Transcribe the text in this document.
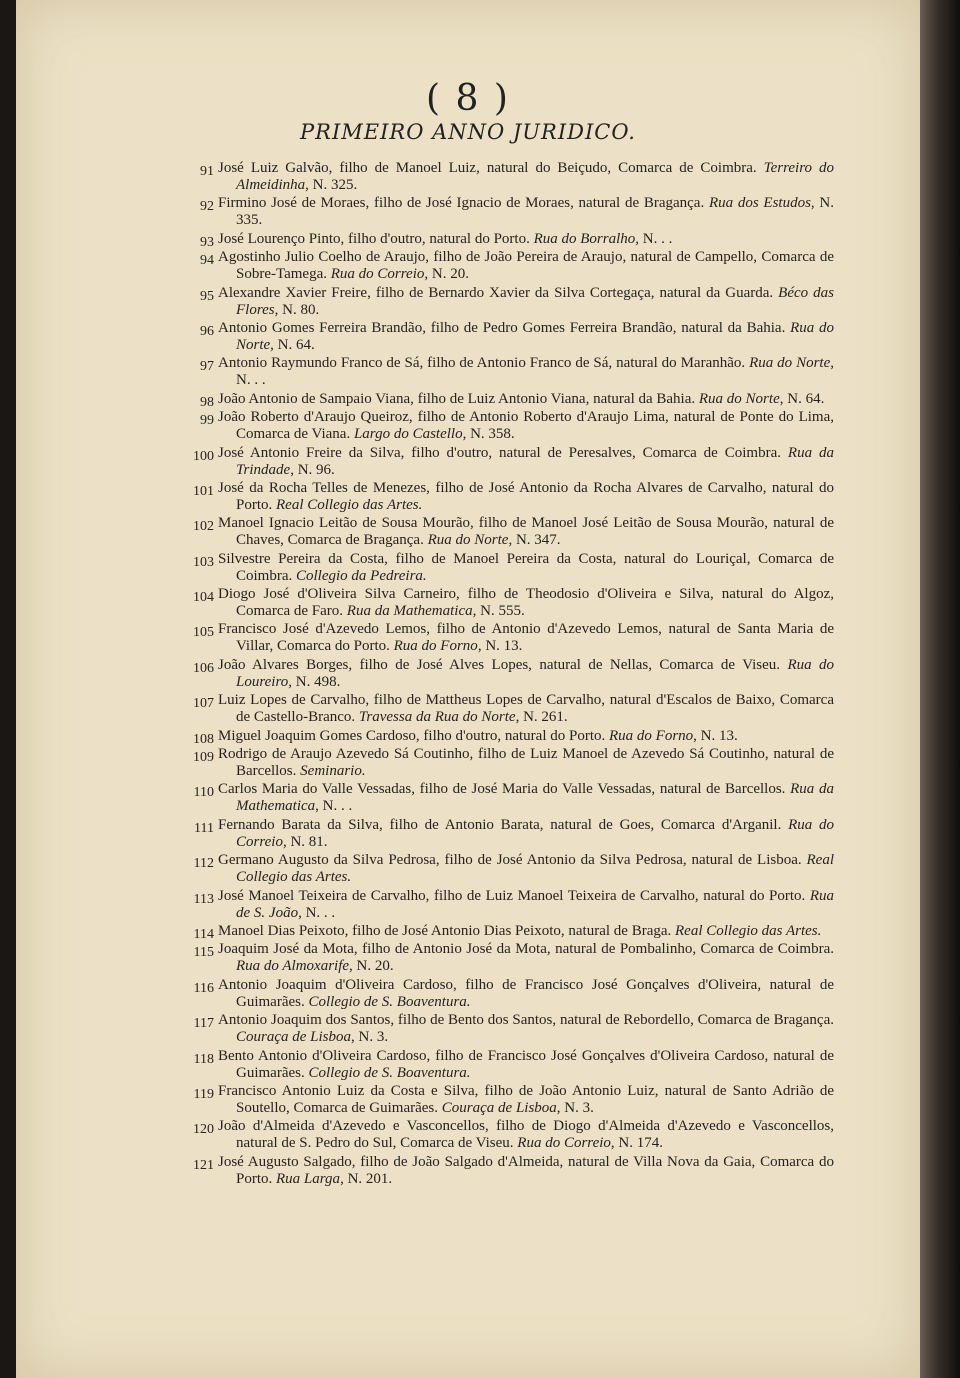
( 8 )
PRIMEIRO ANNO JURIDICO.
91 José Luiz Galvão, filho de Manoel Luiz, natural do Beiçudo, Comarca de Coimbra. Terreiro do Almeidinha, N. 325.
92 Firmino José de Moraes, filho de José Ignacio de Moraes, natural de Bragança. Rua dos Estudos, N. 335.
93 José Lourenço Pinto, filho d'outro, natural do Porto. Rua do Borralho, N. . .
94 Agostinho Julio Coelho de Araujo, filho de João Pereira de Araujo, natural de Campello, Comarca de Sobre-Tamega. Rua do Correio, N. 20.
95 Alexandre Xavier Freire, filho de Bernardo Xavier da Silva Cortegaça, natural da Guarda. Béco das Flores, N. 80.
96 Antonio Gomes Ferreira Brandão, filho de Pedro Gomes Ferreira Brandão, natural da Bahia. Rua do Norte, N. 64.
97 Antonio Raymundo Franco de Sá, filho de Antonio Franco de Sá, natural do Maranhão. Rua do Norte, N. . .
98 João Antonio de Sampaio Viana, filho de Luiz Antonio Viana, natural da Bahia. Rua do Norte, N. 64.
99 João Roberto d'Araujo Queiroz, filho de Antonio Roberto d'Araujo Lima, natural de Ponte do Lima, Comarca de Viana. Largo do Castello, N. 358.
100 José Antonio Freire da Silva, filho d'outro, natural de Peresalves, Comarca de Coimbra. Rua da Trindade, N. 96.
101 José da Rocha Telles de Menezes, filho de José Antonio da Rocha Alvares de Carvalho, natural do Porto. Real Collegio das Artes.
102 Manoel Ignacio Leitão de Sousa Mourão, filho de Manoel José Leitão de Sousa Mourão, natural de Chaves, Comarca de Bragança. Rua do Norte, N. 347.
103 Silvestre Pereira da Costa, filho de Manoel Pereira da Costa, natural do Louriçal, Comarca de Coimbra. Collegio da Pedreira.
104 Diogo José d'Oliveira Silva Carneiro, filho de Theodosio d'Oliveira e Silva, natural do Algoz, Comarca de Faro. Rua da Mathematica, N. 555.
105 Francisco José d'Azevedo Lemos, filho de Antonio d'Azevedo Lemos, natural de Santa Maria de Villar, Comarca do Porto. Rua do Forno, N. 13.
106 João Alvares Borges, filho de José Alves Lopes, natural de Nellas, Comarca de Viseu. Rua do Loureiro, N. 498.
107 Luiz Lopes de Carvalho, filho de Mattheus Lopes de Carvalho, natural d'Escalos de Baixo, Comarca de Castello-Branco. Travessa da Rua do Norte, N. 261.
108 Miguel Joaquim Gomes Cardoso, filho d'outro, natural do Porto. Rua do Forno, N. 13.
109 Rodrigo de Araujo Azevedo Sá Coutinho, filho de Luiz Manoel de Azevedo Sá Coutinho, natural de Barcellos. Seminario.
110 Carlos Maria do Valle Vessadas, filho de José Maria do Valle Vessadas, natural de Barcellos. Rua da Mathematica, N. . .
111 Fernando Barata da Silva, filho de Antonio Barata, natural de Goes, Comarca d'Arganil. Rua do Correio, N. 81.
112 Germano Augusto da Silva Pedrosa, filho de José Antonio da Silva Pedrosa, natural de Lisboa. Real Collegio das Artes.
113 José Manoel Teixeira de Carvalho, filho de Luiz Manoel Teixeira de Carvalho, natural do Porto. Rua de S. João, N. . .
114 Manoel Dias Peixoto, filho de José Antonio Dias Peixoto, natural de Braga. Real Collegio das Artes.
115 Joaquim José da Mota, filho de Antonio José da Mota, natural de Pombalinho, Comarca de Coimbra. Rua do Almoxarife, N. 20.
116 Antonio Joaquim d'Oliveira Cardoso, filho de Francisco José Gonçalves d'Oliveira, natural de Guimarães. Collegio de S. Boaventura.
117 Antonio Joaquim dos Santos, filho de Bento dos Santos, natural de Rebordello, Comarca de Bragança. Couraça de Lisboa, N. 3.
118 Bento Antonio d'Oliveira Cardoso, filho de Francisco José Gonçalves d'Oliveira Cardoso, natural de Guimarães. Collegio de S. Boaventura.
119 Francisco Antonio Luiz da Costa e Silva, filho de João Antonio Luiz, natural de Santo Adrião de Soutello, Comarca de Guimarães. Couraça de Lisboa, N. 3.
120 João d'Almeida d'Azevedo e Vasconcellos, filho de Diogo d'Almeida d'Azevedo e Vasconcellos, natural de S. Pedro do Sul, Comarca de Viseu. Rua do Correio, N. 174.
121 José Augusto Salgado, filho de João Salgado d'Almeida, natural de Villa Nova da Gaia, Comarca do Porto. Rua Larga, N. 201.
